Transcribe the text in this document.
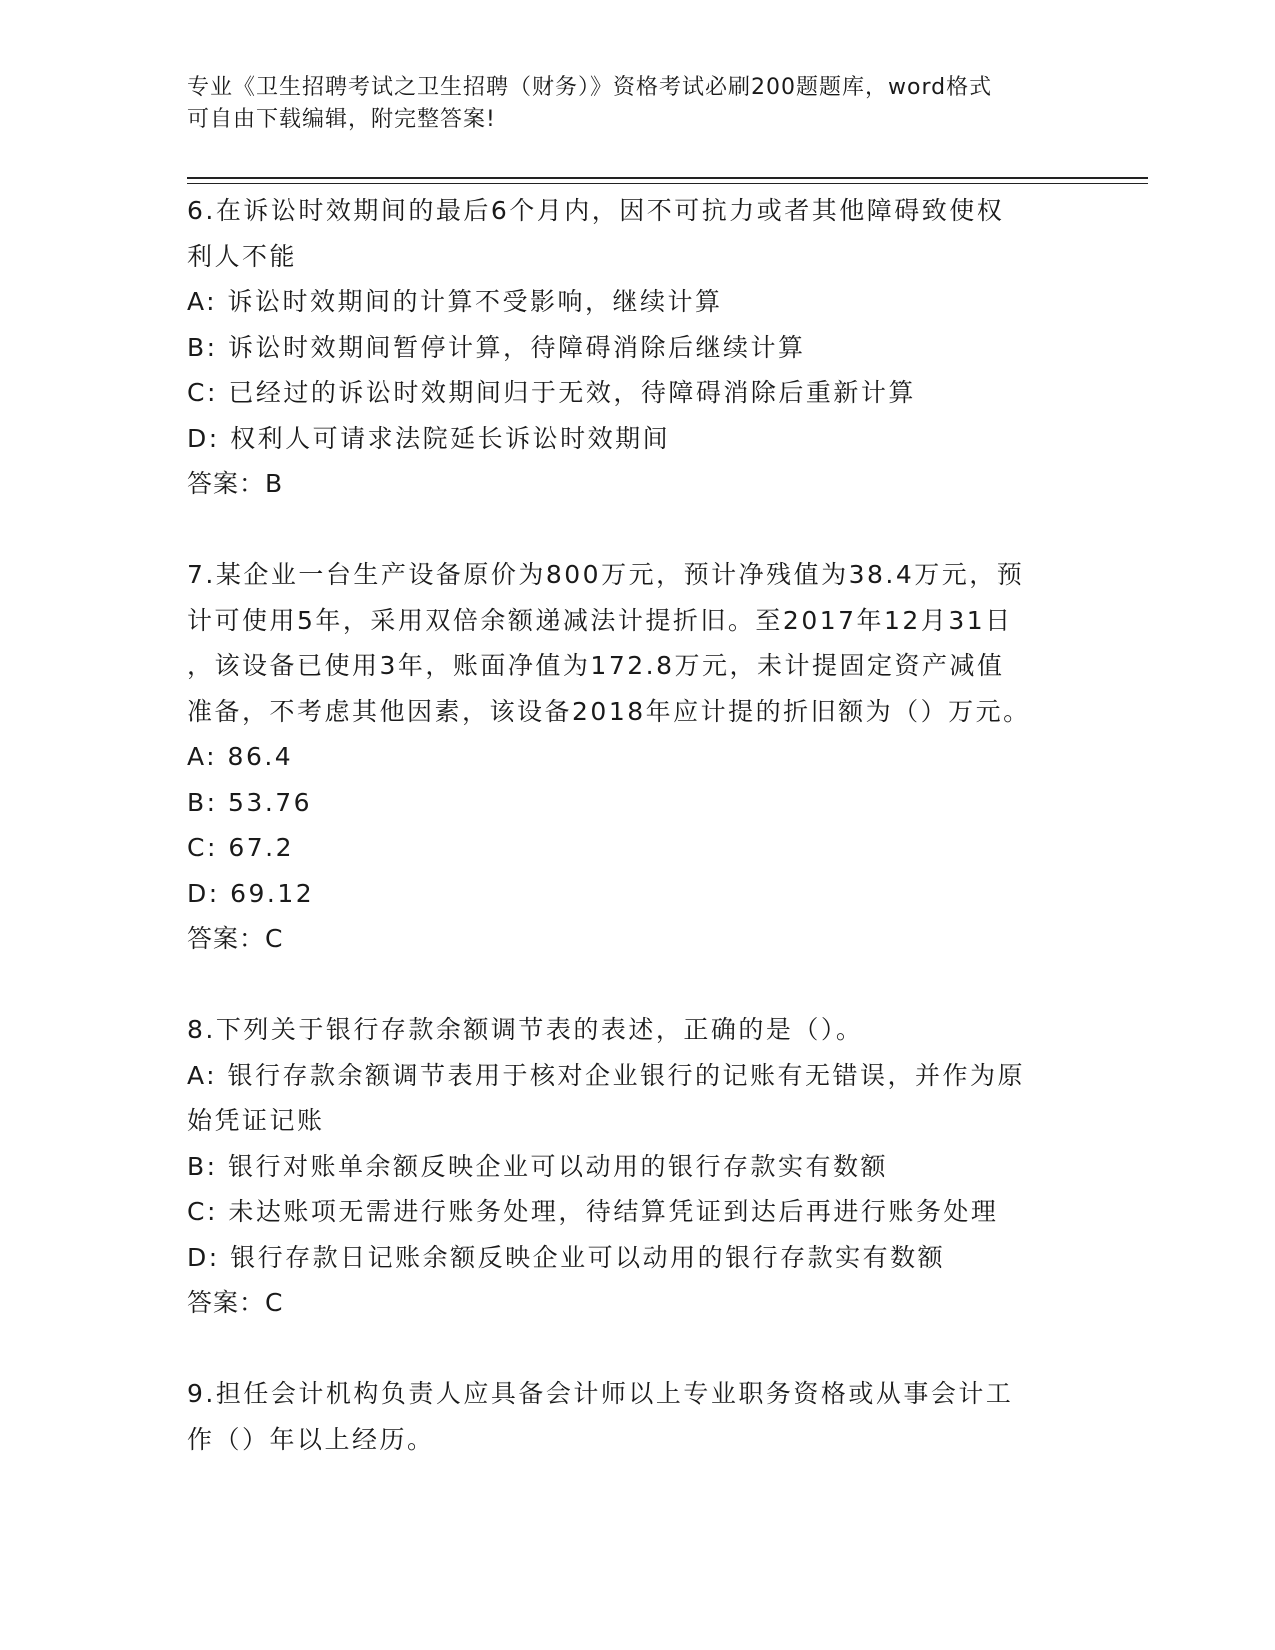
专业《卫生招聘考试之卫生招聘（财务）》资格考试必刷200题题库，word格式
可自由下载编辑，附完整答案!
6.在诉讼时效期间的最后6个月内，因不可抗力或者其他障碍致使权
利人不能
A: 诉讼时效期间的计算不受影响，继续计算
B: 诉讼时效期间暂停计算，待障碍消除后继续计算
C: 已经过的诉讼时效期间归于无效，待障碍消除后重新计算
D: 权利人可请求法院延长诉讼时效期间
答案：B
7.某企业一台生产设备原价为800万元，预计净残值为38.4万元，预
计可使用5年，采用双倍余额递减法计提折旧。至2017年12月31日
，该设备已使用3年，账面净值为172.8万元，未计提固定资产减值
准备，不考虑其他因素，该设备2018年应计提的折旧额为（）万元。
A: 86.4
B: 53.76
C: 67.2
D: 69.12
答案：C
8.下列关于银行存款余额调节表的表述，正确的是（）。
A: 银行存款余额调节表用于核对企业银行的记账有无错误，并作为原
始凭证记账
B: 银行对账单余额反映企业可以动用的银行存款实有数额
C: 未达账项无需进行账务处理，待结算凭证到达后再进行账务处理
D: 银行存款日记账余额反映企业可以动用的银行存款实有数额
答案：C
9.担任会计机构负责人应具备会计师以上专业职务资格或从事会计工
作（）年以上经历。
